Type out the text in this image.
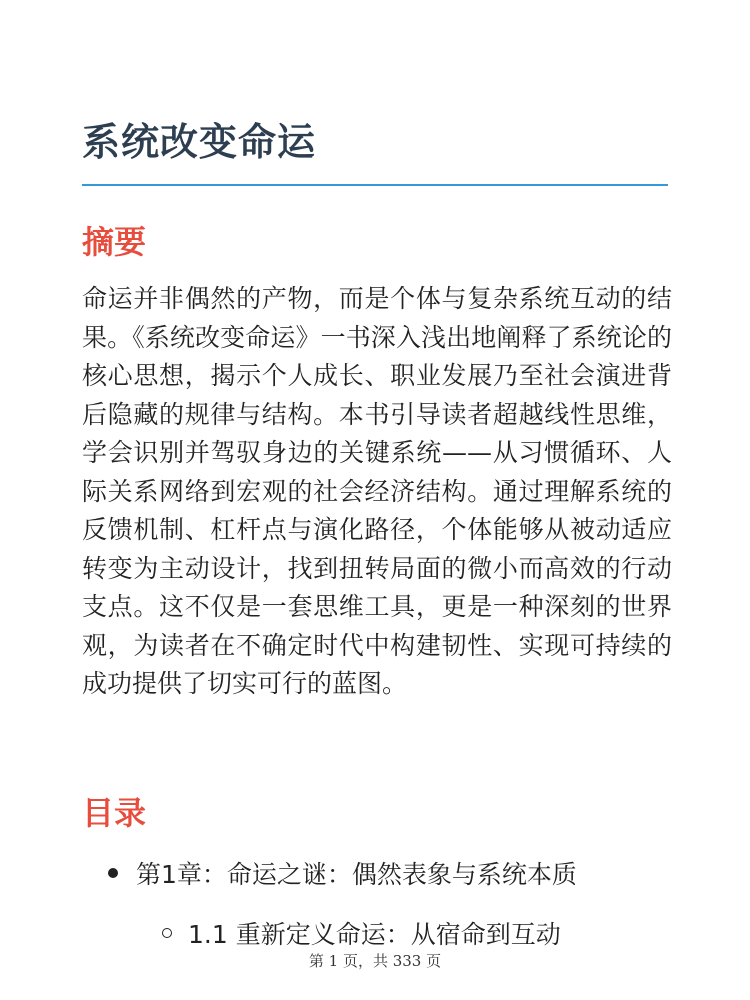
系统改变命运
摘要

命运并非偶然的产物，而是个体与复杂系统互动的结果。《系统改变命运》一书深入浅出地阐释了系统论的核心思想，揭示个人成长、职业发展乃至社会演进背后隐藏的规律与结构。本书引导读者超越线性思维，学会识别并驾驭身边的关键系统——从习惯循环、人际关系网络到宏观的社会经济结构。通过理解系统的反馈机制、杠杆点与演化路径，个体能够从被动适应转变为主动设计，找到扭转局面的微小而高效的行动支点。这不仅是一套思维工具，更是一种深刻的世界观，为读者在不确定时代中构建韧性、实现可持续的成功提供了切实可行的蓝图。

目录
第1章：命运之谜：偶然表象与系统本质
1.1 重新定义命运：从宿命到互动
第 1 页，共 333 页
